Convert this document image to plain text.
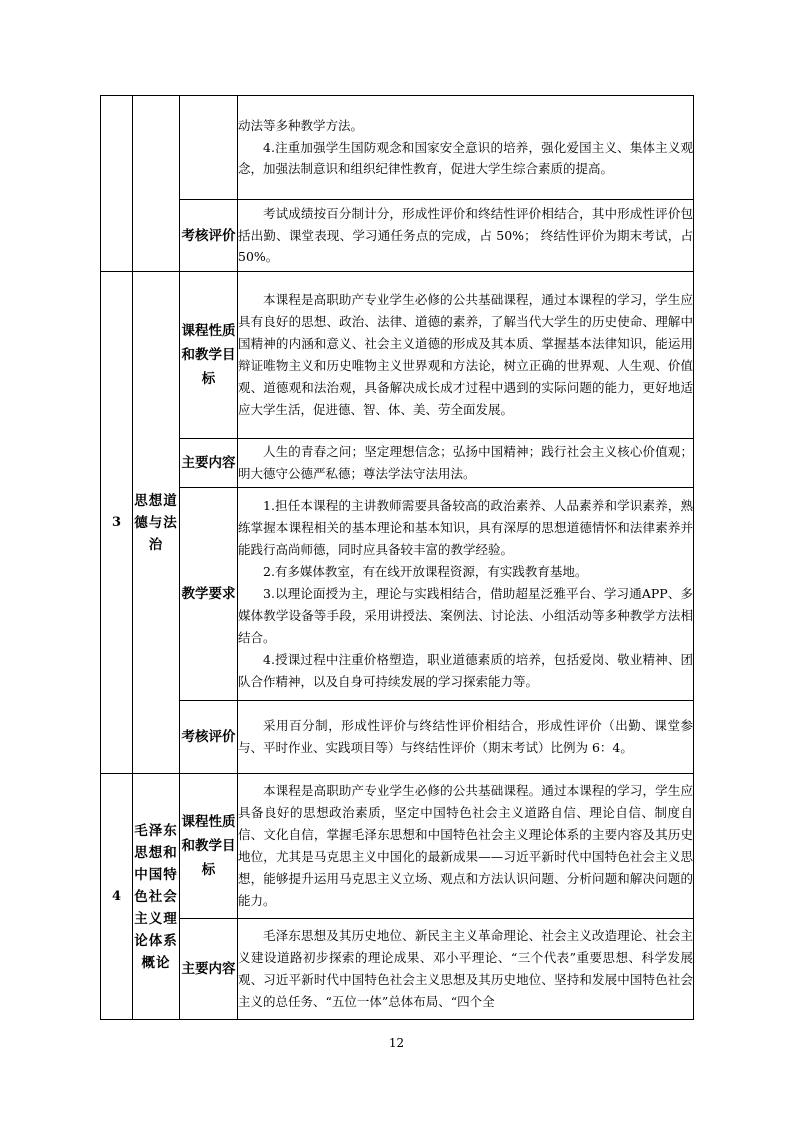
			动法等多种教学方法。

4.注重加强学生国防观念和国家安全意识的培养，强化爱国主义、集体主义观念，加强法制意识和组织纪律性教育，促进大学生综合素质的提高。

		考核评价	考试成绩按百分制计分，形成性评价和终结性评价相结合，其中形成性评价包括出勤、课堂表现、学习通任务点的完成，占 50%； 终结性评价为期末考试，占 50%。

3	思想道德与法治	课程性质和教学目标	本课程是高职助产专业学生必修的公共基础课程，通过本课程的学习，学生应具有良好的思想、政治、法律、道德的素养，了解当代大学生的历史使命、理解中国精神的内涵和意义、社会主义道德的形成及其本质、掌握基本法律知识，能运用辩证唯物主义和历史唯物主义世界观和方法论，树立正确的世界观、人生观、价值观、道德观和法治观，具备解决成长成才过程中遇到的实际问题的能力，更好地适应大学生活，促进德、智、体、美、劳全面发展。

		主要内容	人生的青春之问；坚定理想信念；弘扬中国精神；践行社会主义核心价值观；明大德守公德严私德；尊法学法守法用法。

		教学要求	1.担任本课程的主讲教师需要具备较高的政治素养、人品素养和学识素养，熟练掌握本课程相关的基本理论和基本知识，具有深厚的思想道德情怀和法律素养并能践行高尚师德，同时应具备较丰富的教学经验。

2.有多媒体教室，有在线开放课程资源，有实践教育基地。

3.以理论面授为主，理论与实践相结合，借助超星泛雅平台、学习通APP、多媒体教学设备等手段，采用讲授法、案例法、讨论法、小组活动等多种教学方法相结合。

4.授课过程中注重价格塑造，职业道德素质的培养，包括爱岗、敬业精神、团队合作精神，以及自身可持续发展的学习探索能力等。

		考核评价	采用百分制，形成性评价与终结性评价相结合，形成性评价（出勤、课堂参与、平时作业、实践项目等）与终结性评价（期末考试）比例为 6：4。

4	毛泽东思想和中国特色社会主义理论体系概论	课程性质和教学目标	本课程是高职助产专业学生必修的公共基础课程。通过本课程的学习，学生应具备良好的思想政治素质，坚定中国特色社会主义道路自信、理论自信、制度自信、文化自信，掌握毛泽东思想和中国特色社会主义理论体系的主要内容及其历史地位，尤其是马克思主义中国化的最新成果——习近平新时代中国特色社会主义思想，能够提升运用马克思主义立场、观点和方法认识问题、分析问题和解决问题的能力。

		主要内容	毛泽东思想及其历史地位、新民主主义革命理论、社会主义改造理论、社会主义建设道路初步探索的理论成果、邓小平理论、“三个代表”重要思想、科学发展观、习近平新时代中国特色社会主义思想及其历史地位、坚持和发展中国特色社会主义的总任务、“五位一体”总体布局、“四个全

12
